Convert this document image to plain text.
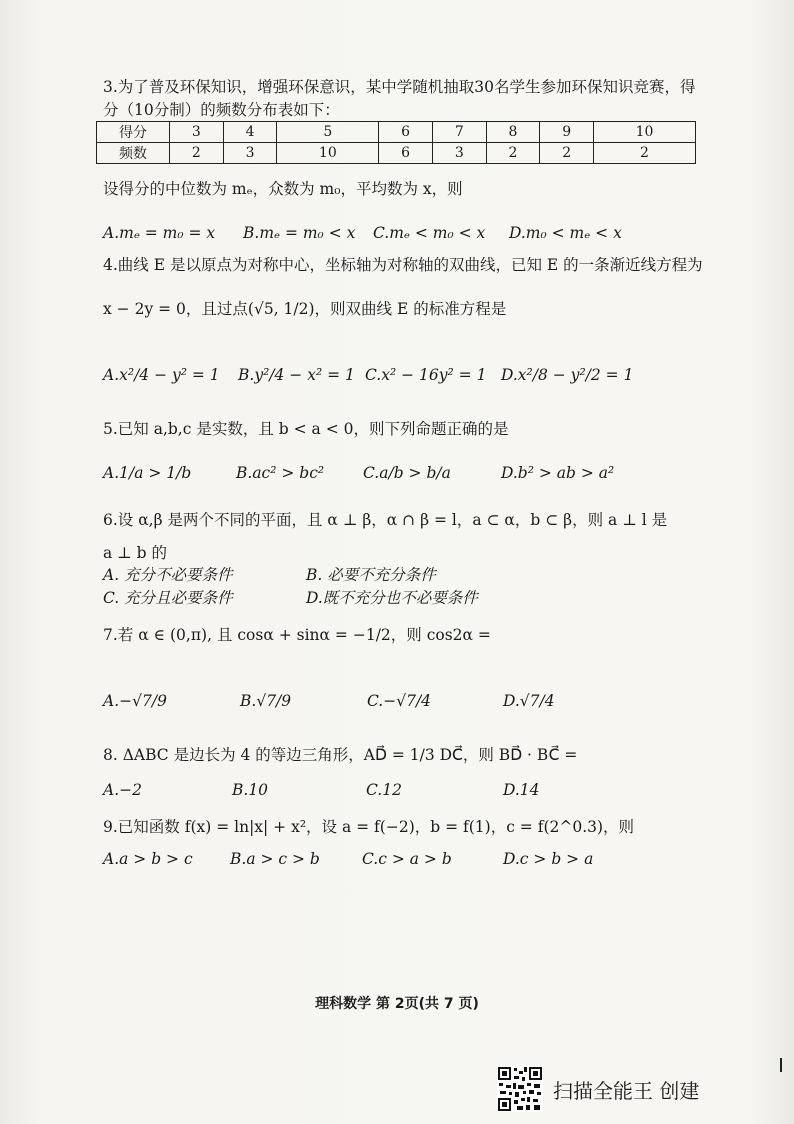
3.为了普及环保知识，增强环保意识，某中学随机抽取30名学生参加环保知识竞赛，得
分（10分制）的频数分布表如下：
得分	3	4	5	6	7	8	9	10
频数	2	3	10	6	3	2	2	2
设得分的中位数为 mₑ，众数为 m₀，平均数为 x，则
A.mₑ = m₀ = x B.mₑ = m₀ < x C.mₑ < m₀ < x D.m₀ < mₑ < x
4.曲线 E 是以原点为对称中心，坐标轴为对称轴的双曲线，已知 E 的一条渐近线方程为
x − 2y = 0，且过点(√5, 1/2)，则双曲线 E 的标准方程是
A.x²/4 − y² = 1 B.y²/4 − x² = 1 C.x² − 16y² = 1 D.x²/8 − y²/2 = 1
5.已知 a,b,c 是实数，且 b < a < 0，则下列命题正确的是
A.1/a > 1/b	B.ac² > bc²	C.a/b > b/a	D.b² > ab > a²
6.设 α,β 是两个不同的平面，且 α ⊥ β，α ∩ β = l，a ⊂ α，b ⊂ β，则 a ⊥ l 是
a ⊥ b 的
A. 充分不必要条件	B. 必要不充分条件
C. 充分且必要条件	D.既不充分也不必要条件
7.若 α ∈ (0,π), 且 cosα + sinα = −1/2，则 cos2α =
A.−√7/9	B.√7/9	C.−√7/4	D.√7/4
8. ΔABC 是边长为 4 的等边三角形，AD⃗ = 1/3 DC⃗，则 BD⃗ · BC⃗ =
A.−2	B.10	C.12	D.14
9.已知函数 f(x) = ln|x| + x²，设 a = f(−2)，b = f(1)，c = f(2^0.3)，则
A.a > b > c B.a > c > b	C.c > a > b	D.c > b > a
理科数学 第 2页(共 7 页)
扫描全能王 创建
